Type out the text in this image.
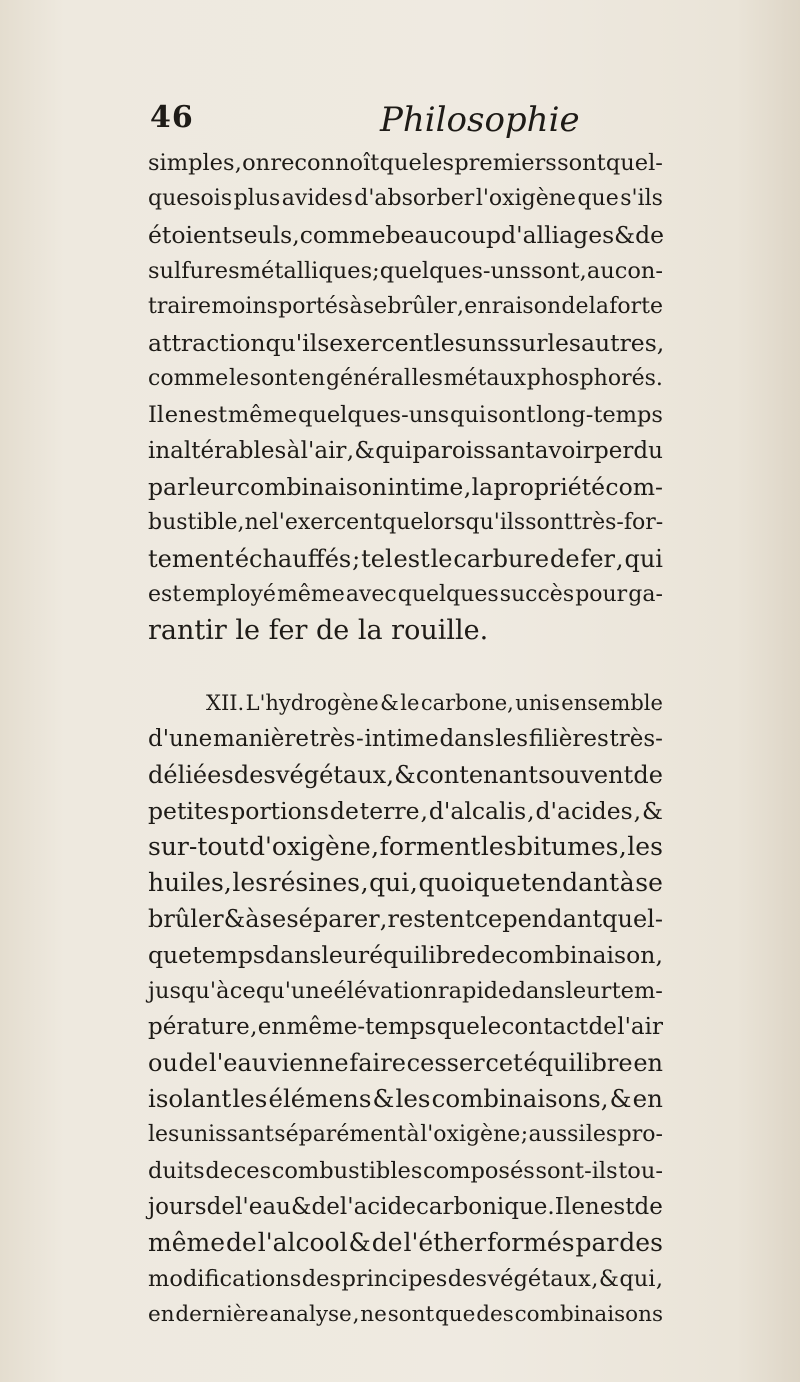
46	Philosophie
simples , on reconnoît que les premiers sont quel-
quesois plus avides d'absorber l'oxigène que s'ils
étoient seuls , comme beaucoup d'alliages & de
sulfures métalliques ; quelques-uns sont , au con-
traire moins portés à se brûler , en raison de la forte
attraction qu'ils exercent les uns sur les autres ,
comme le sont en général les métaux phosphorés.
Il en est même quelques-uns qui sont long-temps
inaltérables à l'air , & qui paroissant avoir perdu
par leur combinaison intime , la propriété com-
bustible, ne l'exercent que lorsqu'ils sont très-for-
tement échauffés ; tel est le carbure de fer , qui
est employé même avec quelques succès pour ga-
rantir le fer de la rouille.
XII. L'hydrogène & le carbone, unis ensemble
d'une manière très - intime dans les filières très-
déliées des végétaux , & contenant souvent de
petites portions de terre , d'alcalis , d'acides , &
sur-tout d'oxigène , forment les bitumes , les
huiles, les résines , qui , quoique tendant à se
brûler & à se séparer , restent cependant quel-
que temps dans leur équilibre de combinaison ,
jusqu'à ce qu'une élévation rapide dans leur tem-
pérature , en même-temps que le contact de l'air
ou de l'eau vienne faire cesser cet équilibre en
isolant les élémens & les combinaisons, & en
les unissant séparément à l'oxigène ; aussi les pro-
duits de ces combustibles composés sont-ils tou-
jours de l'eau & de l'acide carbonique. Il en est de
même de l'alcool & de l'éther formés par des
modifications des principes des végétaux , & qui ,
en dernière analyse , ne sont que des combinaisons
